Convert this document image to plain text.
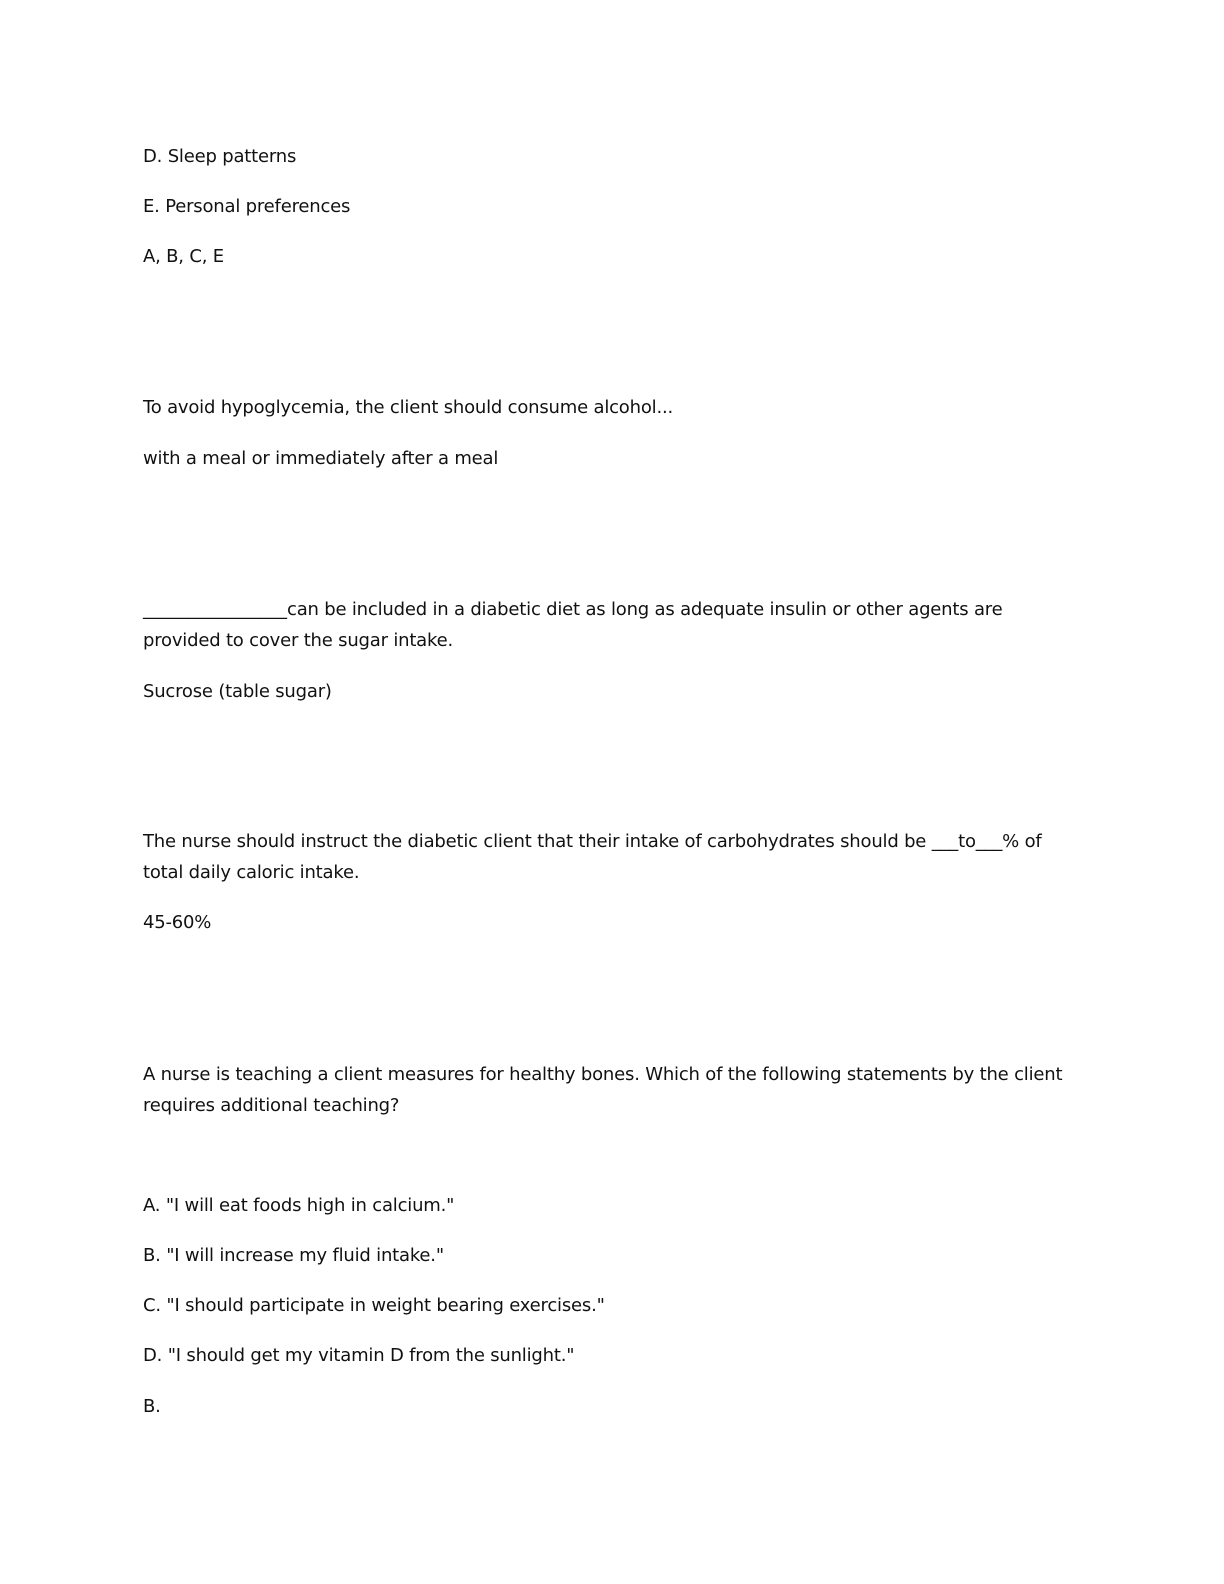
D. Sleep patterns
E. Personal preferences
A, B, C, E
To avoid hypoglycemia, the client should consume alcohol...
with a meal or immediately after a meal
________________can be included in a diabetic diet as long as adequate insulin or other agents are provided to cover the sugar intake.
Sucrose (table sugar)
The nurse should instruct the diabetic client that their intake of carbohydrates should be ___to___% of total daily caloric intake.
45-60%
A nurse is teaching a client measures for healthy bones. Which of the following statements by the client requires additional teaching?
A. "I will eat foods high in calcium."
B. "I will increase my fluid intake."
C. "I should participate in weight bearing exercises."
D. "I should get my vitamin D from the sunlight."
B.
